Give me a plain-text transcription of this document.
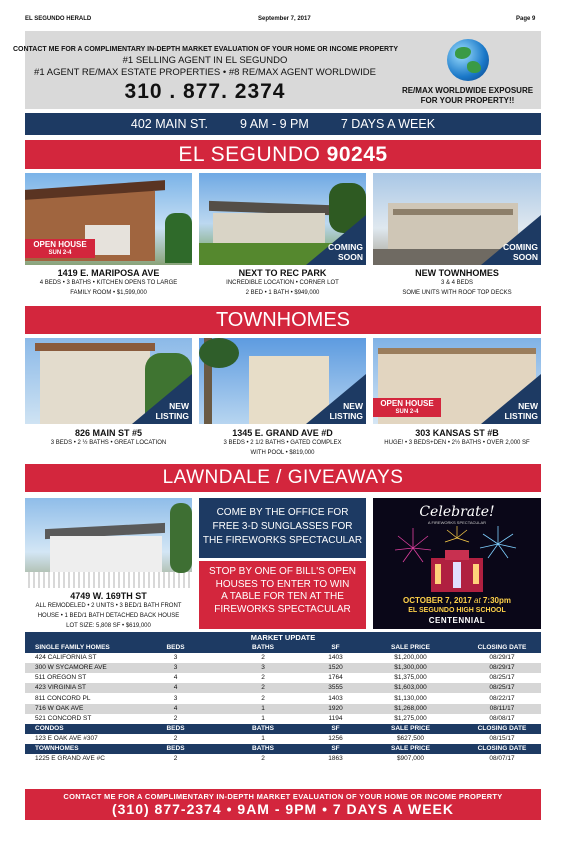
EL SEGUNDO HERALD	September 7, 2017	Page 9
CONTACT ME FOR A COMPLIMENTARY IN-DEPTH MARKET EVALUATION OF YOUR HOME OR INCOME PROPERTY
#1 SELLING AGENT IN EL SEGUNDO
#1 AGENT RE/MAX ESTATE PROPERTIES • #8 RE/MAX AGENT WORLDWIDE
310 . 877. 2374	RE/MAX WORLDWIDE EXPOSURE
FOR YOUR PROPERTY!!
402 MAIN ST.	9 AM - 9 PM	7 DAYS A WEEK
EL SEGUNDO 90245
OPEN HOUSE
SUN 2-4
COMING
SOON
COMING
SOON
1419 E. MARIPOSA AVE
4 BEDS • 3 BATHS • KITCHEN OPENS TO LARGE
FAMILY ROOM • $1,599,000
NEXT TO REC PARK
INCREDIBLE LOCATION • CORNER LOT
2 BED • 1 BATH • $949,000
NEW TOWNHOMES
3 & 4 BEDS
SOME UNITS WITH ROOF TOP DECKS
TOWNHOMES
NEW
LISTING
NEW
LISTING
OPEN HOUSE
SUN 2-4
NEW
LISTING
826 MAIN ST #5
3 BEDS • 2 ½ BATHS • GREAT LOCATION
1345 E. GRAND AVE #D
3 BEDS • 2 1/2 BATHS • GATED COMPLEX
WITH POOL • $819,000
303 KANSAS ST #B
HUGE! • 3 BEDS+DEN • 2½ BATHS • OVER 2,000 SF
LAWNDALE / GIVEAWAYS
4749 W. 169TH ST
ALL REMODELED • 2 UNITS • 3 BED/1 BATH FRONT
HOUSE • 1 BED/1 BATH DETACHED BACK HOUSE
LOT SIZE: 5,808 SF • $619,000
COME BY THE OFFICE FOR
FREE 3-D SUNGLASSES FOR
THE FIREWORKS SPECTACULAR
STOP BY ONE OF BILL'S OPEN
HOUSES TO ENTER TO WIN
A TABLE FOR TEN AT THE
FIREWORKS SPECTACULAR
Celebrate!
A FIREWORKS SPECTACULAR
OCTOBER 7, 2017 at 7:30pm
EL SEGUNDO HIGH SCHOOL
CENTENNIAL
MARKET UPDATE
SINGLE FAMILY HOMES	BEDS	BATHS	SF	SALE PRICE	CLOSING DATE
424 CALIFORNIA ST	3	2	1403	$1,200,000	08/29/17
300 W SYCAMORE AVE	3	3	1520	$1,300,000	08/29/17
511 OREGON ST	4	2	1764	$1,375,000	08/25/17
423 VIRGINIA ST	4	2	3555	$1,603,000	08/25/17
811 CONCORD PL	3	2	1403	$1,130,000	08/22/17
716 W OAK AVE	4	1	1920	$1,268,000	08/11/17
521 CONCORD ST	2	1	1194	$1,275,000	08/08/17
CONDOS	BEDS	BATHS	SF	SALE PRICE	CLOSING DATE
123 E OAK AVE #307	2	1	1256	$627,500	08/15/17
TOWNHOMES	BEDS	BATHS	SF	SALE PRICE	CLOSING DATE
1225 E GRAND AVE #C	2	2	1863	$907,000	08/07/17
CONTACT ME FOR A COMPLIMENTARY IN-DEPTH MARKET EVALUATION OF YOUR HOME OR INCOME PROPERTY
(310) 877-2374 • 9AM - 9PM • 7 DAYS A WEEK
